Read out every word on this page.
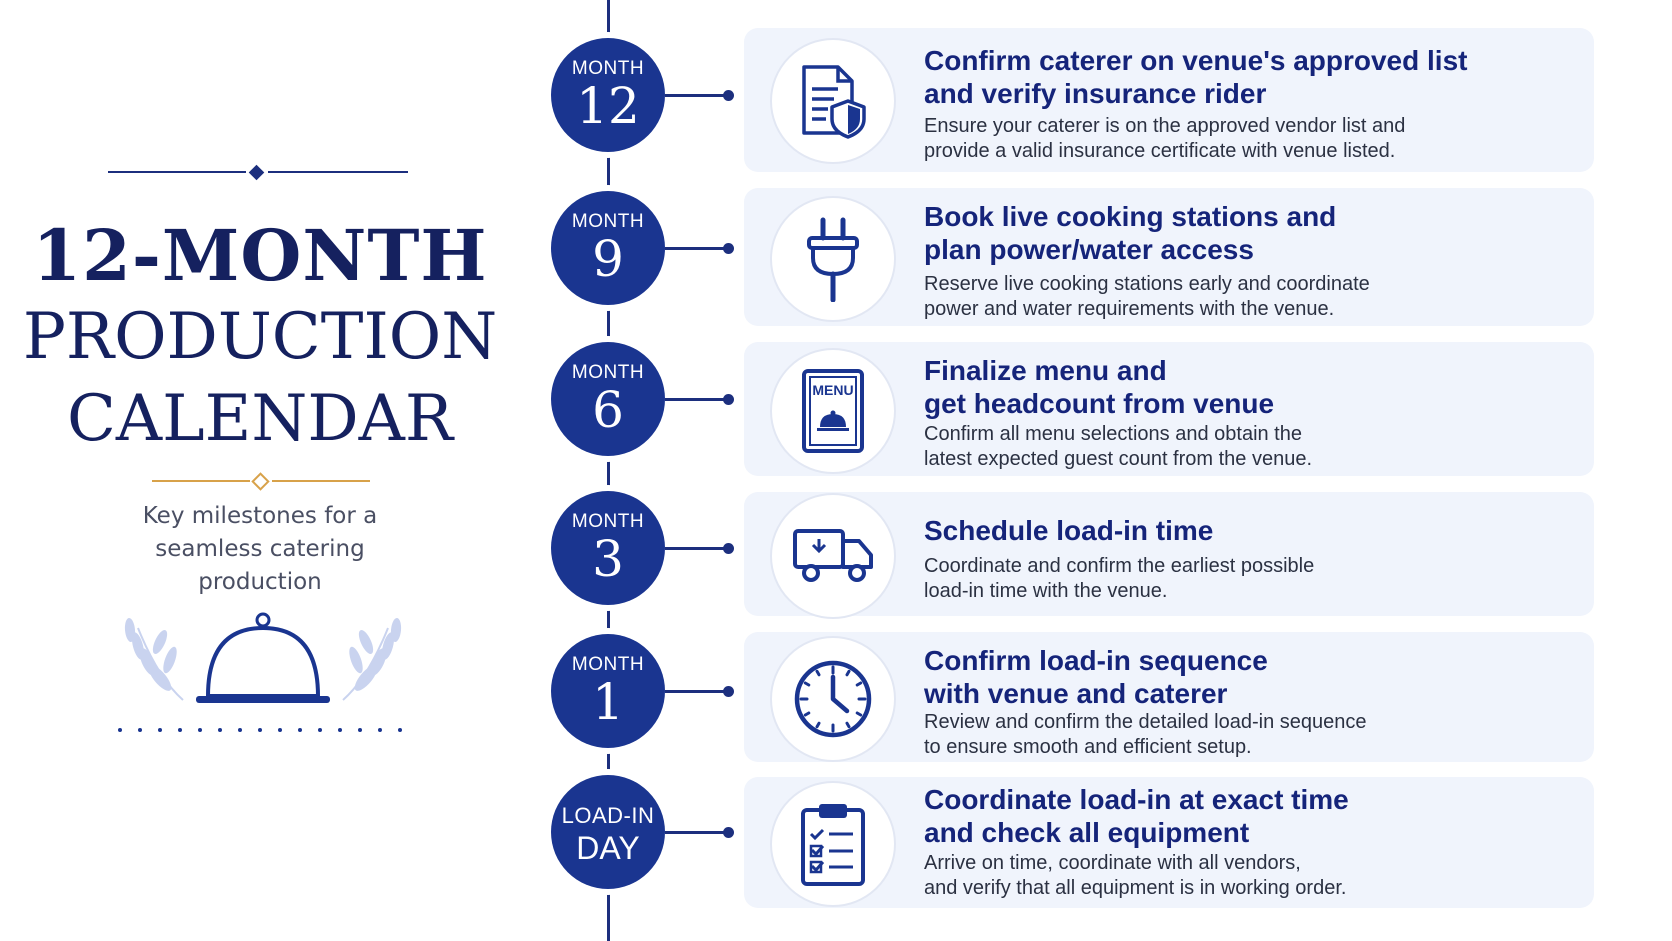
12-MONTH
PRODUCTION
CALENDAR
Key milestones for a
seamless catering
production
MONTH
12
Confirm caterer on venue's approved list
and verify insurance rider
Ensure your caterer is on the approved vendor list and
provide a valid insurance certificate with venue listed.
MONTH
9
Book live cooking stations and
plan power/water access
Reserve live cooking stations early and coordinate
power and water requirements with the venue.
MONTH
6	MENU
Finalize menu and
get headcount from venue
Confirm all menu selections and obtain the
latest expected guest count from the venue.
MONTH
3	Schedule load-in time
Coordinate and confirm the earliest possible
load-in time with the venue.
MONTH
1
Confirm load-in sequence
with venue and caterer
Review and confirm the detailed load-in sequence
to ensure smooth and efficient setup.
LOAD-IN
DAY
Coordinate load-in at exact time
and check all equipment
Arrive on time, coordinate with all vendors,
and verify that all equipment is in working order.
